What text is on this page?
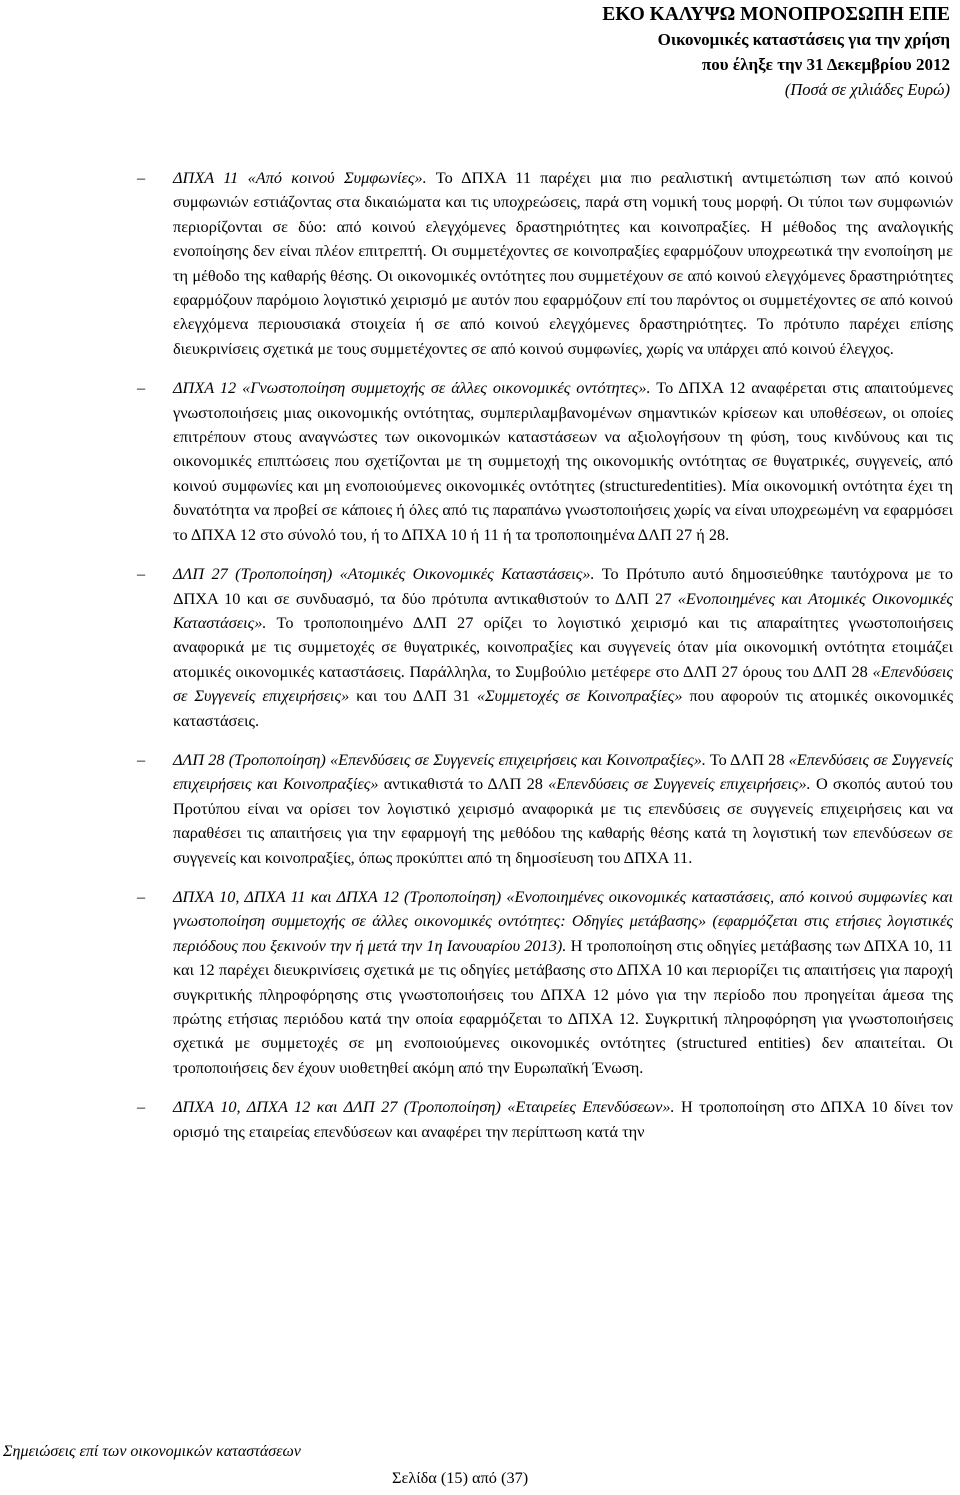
ΕΚΟ ΚΑΛΥΨΩ ΜΟΝΟΠΡΟΣΩΠΗ ΕΠΕ
Οικονομικές καταστάσεις για την χρήση
που έληξε την 31 Δεκεμβρίου 2012
(Ποσά σε χιλιάδες Ευρώ)
– ΔΠΧΑ 11 «Από κοινού Συμφωνίες». Το ΔΠΧΑ 11 παρέχει μια πιο ρεαλιστική αντιμετώπιση των από κοινού συμφωνιών εστιάζοντας στα δικαιώματα και τις υποχρεώσεις, παρά στη νομική τους μορφή. Οι τύποι των συμφωνιών περιορίζονται σε δύο: από κοινού ελεγχόμενες δραστηριότητες και κοινοπραξίες. Η μέθοδος της αναλογικής ενοποίησης δεν είναι πλέον επιτρεπτή. Οι συμμετέχοντες σε κοινοπραξίες εφαρμόζουν υποχρεωτικά την ενοποίηση με τη μέθοδο της καθαρής θέσης. Οι οικονομικές οντότητες που συμμετέχουν σε από κοινού ελεγχόμενες δραστηριότητες εφαρμόζουν παρόμοιο λογιστικό χειρισμό με αυτόν που εφαρμόζουν επί του παρόντος οι συμμετέχοντες σε από κοινού ελεγχόμενα περιουσιακά στοιχεία ή σε από κοινού ελεγχόμενες δραστηριότητες. Το πρότυπο παρέχει επίσης διευκρινίσεις σχετικά με τους συμμετέχοντες σε από κοινού συμφωνίες, χωρίς να υπάρχει από κοινού έλεγχος.
– ΔΠΧΑ 12 «Γνωστοποίηση συμμετοχής σε άλλες οικονομικές οντότητες». Το ΔΠΧΑ 12 αναφέρεται στις απαιτούμενες γνωστοποιήσεις μιας οικονομικής οντότητας, συμπεριλαμβανομένων σημαντικών κρίσεων και υποθέσεων, οι οποίες επιτρέπουν στους αναγνώστες των οικονομικών καταστάσεων να αξιολογήσουν τη φύση, τους κινδύνους και τις οικονομικές επιπτώσεις που σχετίζονται με τη συμμετοχή της οικονομικής οντότητας σε θυγατρικές, συγγενείς, από κοινού συμφωνίες και μη ενοποιούμενες οικονομικές οντότητες (structuredentities). Μία οικονομική οντότητα έχει τη δυνατότητα να προβεί σε κάποιες ή όλες από τις παραπάνω γνωστοποιήσεις χωρίς να είναι υποχρεωμένη να εφαρμόσει το ΔΠΧΑ 12 στο σύνολό του, ή το ΔΠΧΑ 10 ή 11 ή τα τροποποιημένα ΔΛΠ 27 ή 28.
– ΔΛΠ 27 (Τροποποίηση) «Ατομικές Οικονομικές Καταστάσεις». Το Πρότυπο αυτό δημοσιεύθηκε ταυτόχρονα με το ΔΠΧΑ 10 και σε συνδυασμό, τα δύο πρότυπα αντικαθιστούν το ΔΛΠ 27 «Ενοποιημένες και Ατομικές Οικονομικές Καταστάσεις». Το τροποποιημένο ΔΛΠ 27 ορίζει το λογιστικό χειρισμό και τις απαραίτητες γνωστοποιήσεις αναφορικά με τις συμμετοχές σε θυγατρικές, κοινοπραξίες και συγγενείς όταν μία οικονομική οντότητα ετοιμάζει ατομικές οικονομικές καταστάσεις. Παράλληλα, το Συμβούλιο μετέφερε στο ΔΛΠ 27 όρους του ΔΛΠ 28 «Επενδύσεις σε Συγγενείς επιχειρήσεις» και του ΔΛΠ 31 «Συμμετοχές σε Κοινοπραξίες» που αφορούν τις ατομικές οικονομικές καταστάσεις.
– ΔΛΠ 28 (Τροποποίηση) «Επενδύσεις σε Συγγενείς επιχειρήσεις και Κοινοπραξίες». Το ΔΛΠ 28 «Επενδύσεις σε Συγγενείς επιχειρήσεις και Κοινοπραξίες» αντικαθιστά το ΔΛΠ 28 «Επενδύσεις σε Συγγενείς επιχειρήσεις». Ο σκοπός αυτού του Προτύπου είναι να ορίσει τον λογιστικό χειρισμό αναφορικά με τις επενδύσεις σε συγγενείς επιχειρήσεις και να παραθέσει τις απαιτήσεις για την εφαρμογή της μεθόδου της καθαρής θέσης κατά τη λογιστική των επενδύσεων σε συγγενείς και κοινοπραξίες, όπως προκύπτει από τη δημοσίευση του ΔΠΧΑ 11.
– ΔΠΧΑ 10, ΔΠΧΑ 11 και ΔΠΧΑ 12 (Τροποποίηση) «Ενοποιημένες οικονομικές καταστάσεις, από κοινού συμφωνίες και γνωστοποίηση συμμετοχής σε άλλες οικονομικές οντότητες: Οδηγίες μετάβασης» (εφαρμόζεται στις ετήσιες λογιστικές περιόδους που ξεκινούν την ή μετά την 1η Ιανουαρίου 2013). Η τροποποίηση στις οδηγίες μετάβασης των ΔΠΧΑ 10, 11 και 12 παρέχει διευκρινίσεις σχετικά με τις οδηγίες μετάβασης στο ΔΠΧΑ 10 και περιορίζει τις απαιτήσεις για παροχή συγκριτικής πληροφόρησης στις γνωστοποιήσεις του ΔΠΧΑ 12 μόνο για την περίοδο που προηγείται άμεσα της πρώτης ετήσιας περιόδου κατά την οποία εφαρμόζεται το ΔΠΧΑ 12. Συγκριτική πληροφόρηση για γνωστοποιήσεις σχετικά με συμμετοχές σε μη ενοποιούμενες οικονομικές οντότητες (structured entities) δεν απαιτείται. Οι τροποποιήσεις δεν έχουν υιοθετηθεί ακόμη από την Ευρωπαϊκή Ένωση.
– ΔΠΧΑ 10, ΔΠΧΑ 12 και ΔΛΠ 27 (Τροποποίηση) «Εταιρείες Επενδύσεων». Η τροποποίηση στο ΔΠΧΑ 10 δίνει τον ορισμό της εταιρείας επενδύσεων και αναφέρει την περίπτωση κατά την
Σημειώσεις επί των οικονομικών καταστάσεων
Σελίδα (15) από (37)
